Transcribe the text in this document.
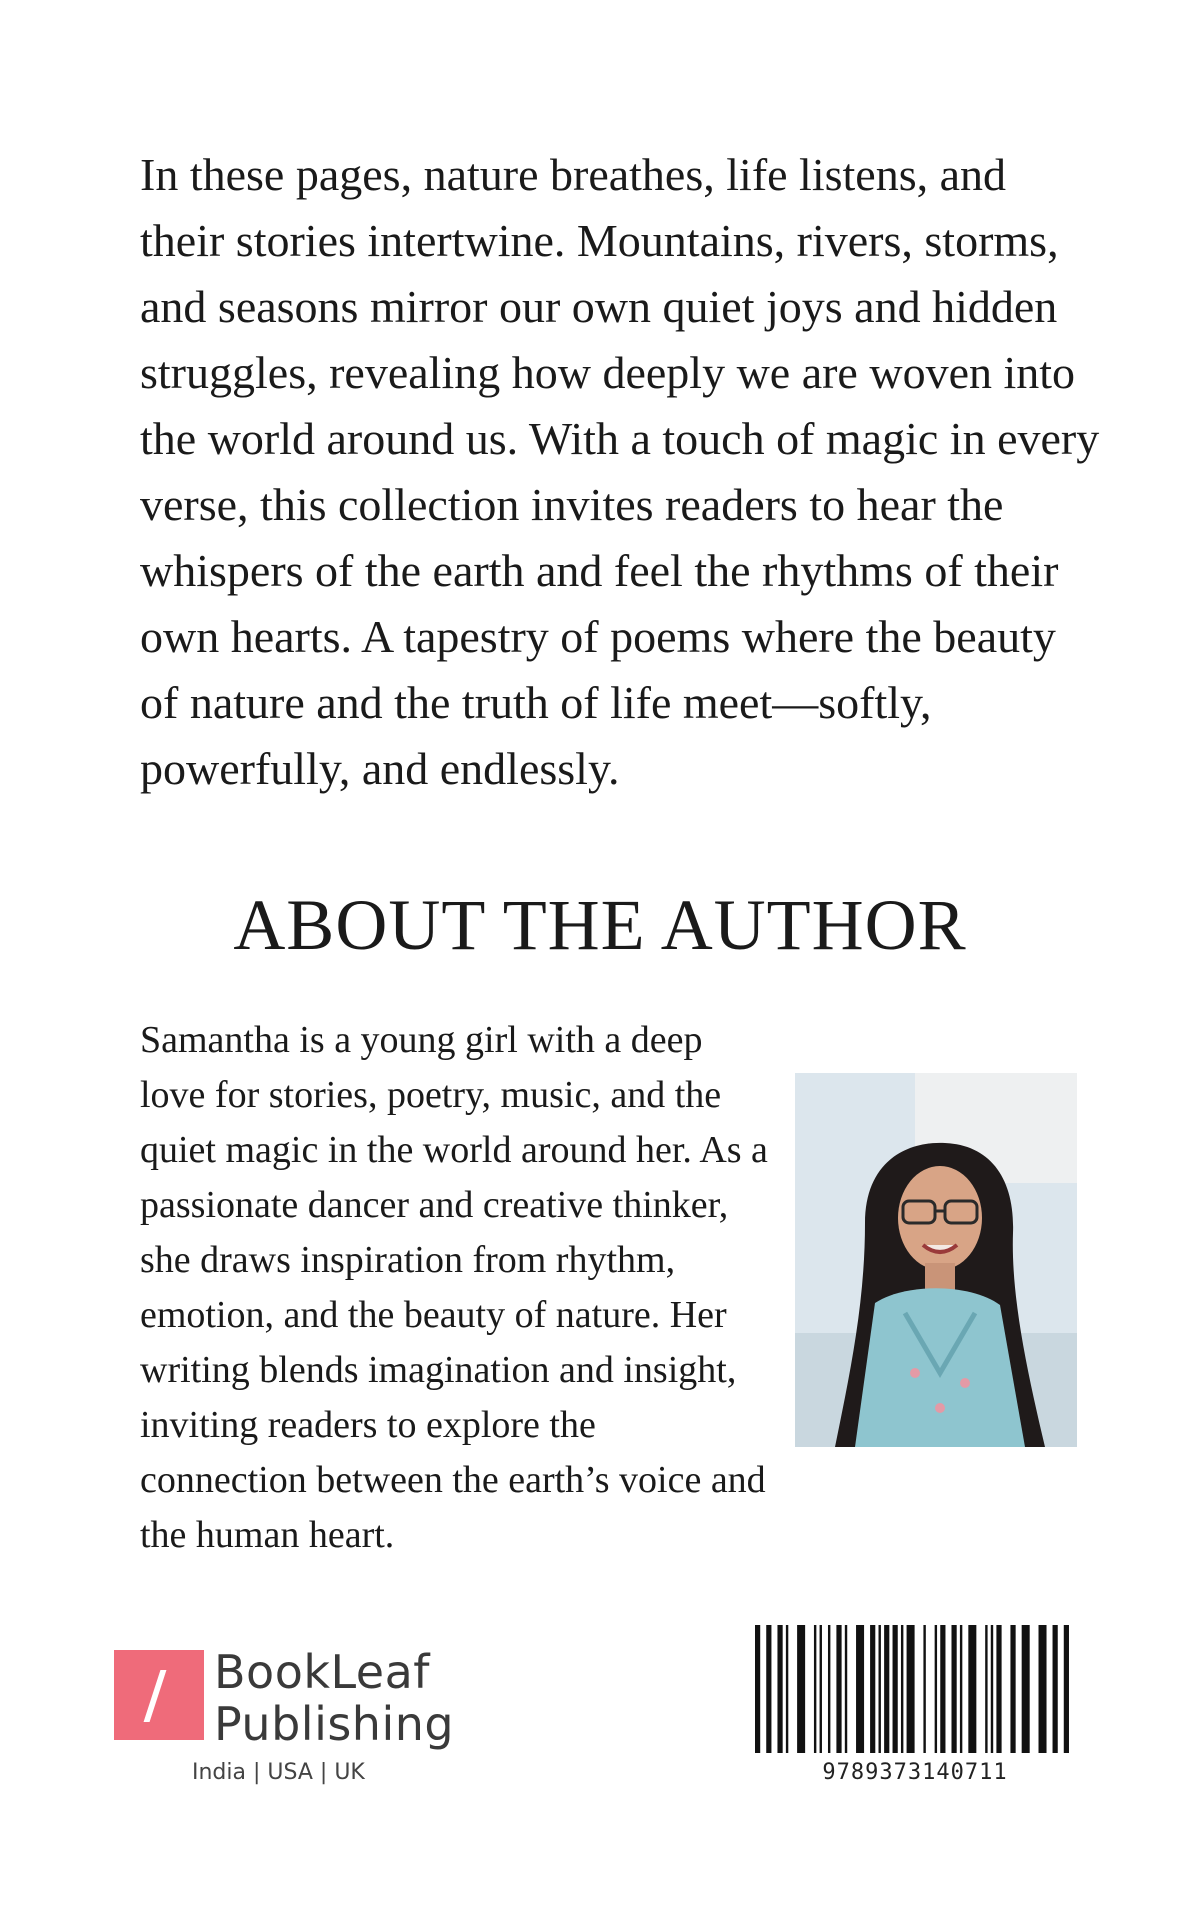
In these pages, nature breathes, life listens, and their stories intertwine. Mountains, rivers, storms, and seasons mirror our own quiet joys and hidden struggles, revealing how deeply we are woven into the world around us. With a touch of magic in every verse, this collection invites readers to hear the whispers of the earth and feel the rhythms of their own hearts. A tapestry of poems where the beauty of nature and the truth of life meet—softly, powerfully, and endlessly.

ABOUT THE AUTHOR

Samantha is a young girl with a deep love for stories, poetry, music, and the quiet magic in the world around her. As a passionate dancer and creative thinker, she draws inspiration from rhythm, emotion, and the beauty of nature. Her writing blends imagination and insight, inviting readers to explore the connection between the earth’s voice and the human heart.

BookLeaf
Publishing
India | USA | UK	9789373140711
